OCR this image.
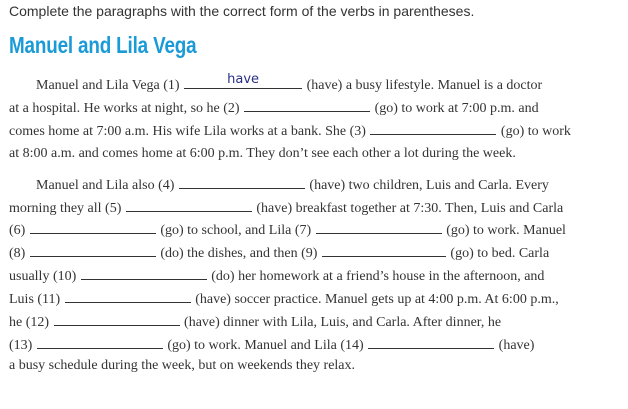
Complete the paragraphs with the correct form of the verbs in parentheses.
Manuel and Lila Vega
Manuel and Lila Vega (1)	have	(have) a busy lifestyle. Manuel is a doctor
at a hospital. He works at night, so he (2)	(go) to work at 7:00 p.m. and
comes home at 7:00 a.m. His wife Lila works at a bank. She (3)	(go) to work
at 8:00 a.m. and comes home at 6:00 p.m. They don’t see each other a lot during the week.
Manuel and Lila also (4)	(have) two children, Luis and Carla. Every
morning they all (5)	(have) breakfast together at 7:30. Then, Luis and Carla
(6)	(go) to school, and Lila (7)	(go) to work. Manuel
(8)	(do) the dishes, and then (9)	(go) to bed. Carla
usually (10)	(do) her homework at a friend’s house in the afternoon, and
Luis (11)	(have) soccer practice. Manuel gets up at 4:00 p.m. At 6:00 p.m.,
he (12)	(have) dinner with Lila, Luis, and Carla. After dinner, he
(13)	(go) to work. Manuel and Lila (14)	(have)
a busy schedule during the week, but on weekends they relax.
